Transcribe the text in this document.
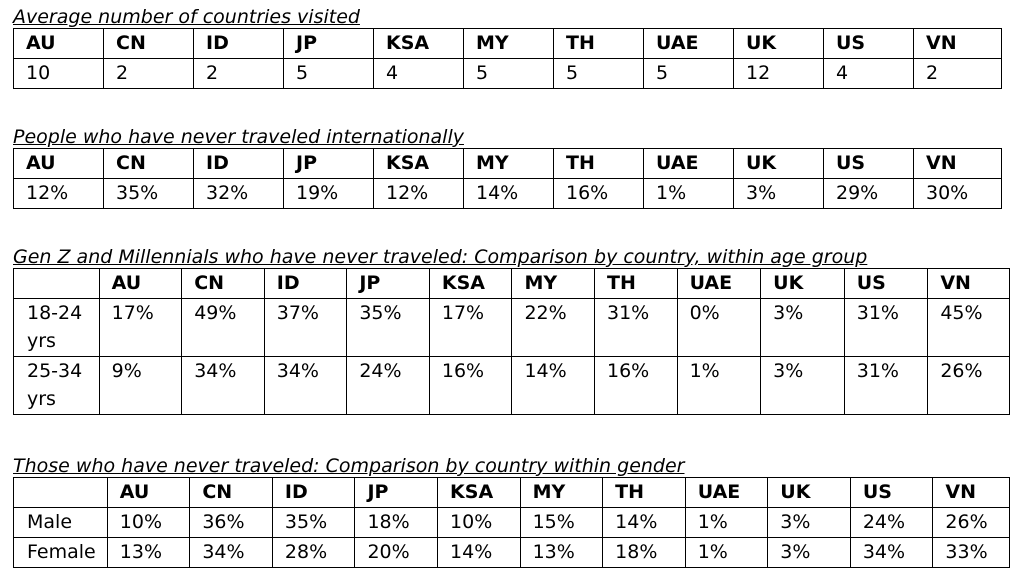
Average number of countries visited

AU	CN	ID	JP	KSA	MY	TH	UAE	UK	US	VN
10	2	2	5	4	5	5	5	12	4	2

People who have never traveled internationally

AU	CN	ID	JP	KSA	MY	TH	UAE	UK	US	VN
12%	35%	32%	19%	12%	14%	16%	1%	3%	29%	30%

Gen Z and Millennials who have never traveled: Comparison by country, within age group

	AU	CN	ID	JP	KSA	MY	TH	UAE	UK	US	VN
18-24 yrs	17%	49%	37%	35%	17%	22%	31%	0%	3%	31%	45%
25-34 yrs	9%	34%	34%	24%	16%	14%	16%	1%	3%	31%	26%

Those who have never traveled: Comparison by country within gender

	AU	CN	ID	JP	KSA	MY	TH	UAE	UK	US	VN
Male	10%	36%	35%	18%	10%	15%	14%	1%	3%	24%	26%
Female	13%	34%	28%	20%	14%	13%	18%	1%	3%	34%	33%
